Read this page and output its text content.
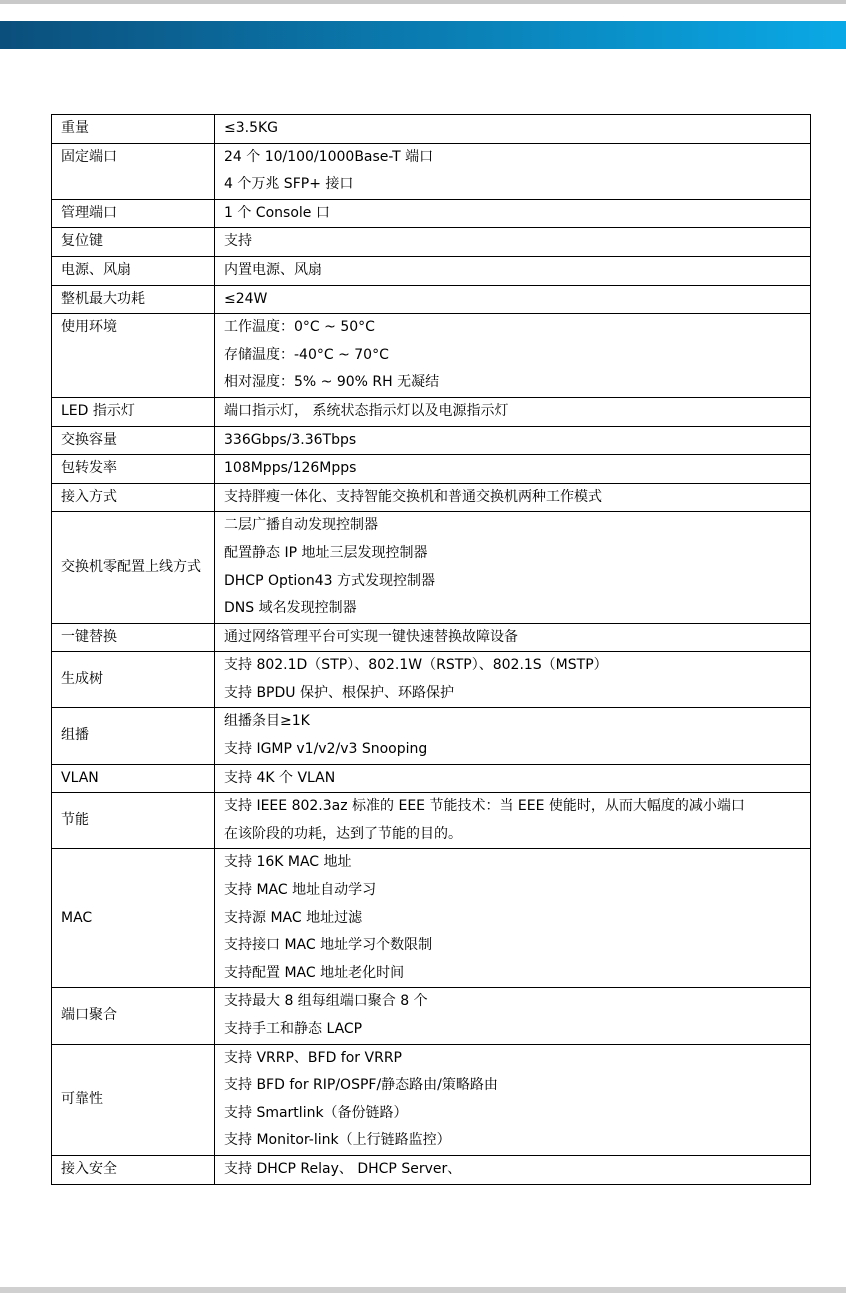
重量	≤3.5KG

固定端口	24 个 10/100/1000Base-T 端口
4 个万兆 SFP+ 接口

管理端口	1 个 Console 口

复位键	支持

电源、风扇	内置电源、风扇

整机最大功耗	≤24W

使用环境	工作温度：0°C ~ 50°C
存储温度：-40°C ~ 70°C
相对湿度：5% ~ 90% RH 无凝结

LED 指示灯	端口指示灯， 系统状态指示灯以及电源指示灯

交换容量	336Gbps/3.36Tbps

包转发率	108Mpps/126Mpps

接入方式	支持胖瘦一体化、支持智能交换机和普通交换机两种工作模式

交换机零配置上线方式	二层广播自动发现控制器
配置静态 IP 地址三层发现控制器
DHCP Option43 方式发现控制器
DNS 域名发现控制器

一键替换	通过网络管理平台可实现一键快速替换故障设备

生成树	支持 802.1D（STP）、802.1W（RSTP）、802.1S（MSTP）
支持 BPDU 保护、根保护、环路保护

组播	组播条目≥1K
支持 IGMP v1/v2/v3 Snooping

VLAN	支持 4K 个 VLAN

节能	支持 IEEE 802.3az 标准的 EEE 节能技术：当 EEE 使能时，从而大幅度的减小端口
在该阶段的功耗，达到了节能的目的。

MAC	支持 16K MAC 地址
支持 MAC 地址自动学习
支持源 MAC 地址过滤
支持接口 MAC 地址学习个数限制
支持配置 MAC 地址老化时间

端口聚合	支持最大 8 组每组端口聚合 8 个
支持手工和静态 LACP

可靠性	支持 VRRP、BFD for VRRP
支持 BFD for RIP/OSPF/静态路由/策略路由
支持 Smartlink（备份链路）
支持 Monitor-link（上行链路监控）

接入安全	支持 DHCP Relay、 DHCP Server、
